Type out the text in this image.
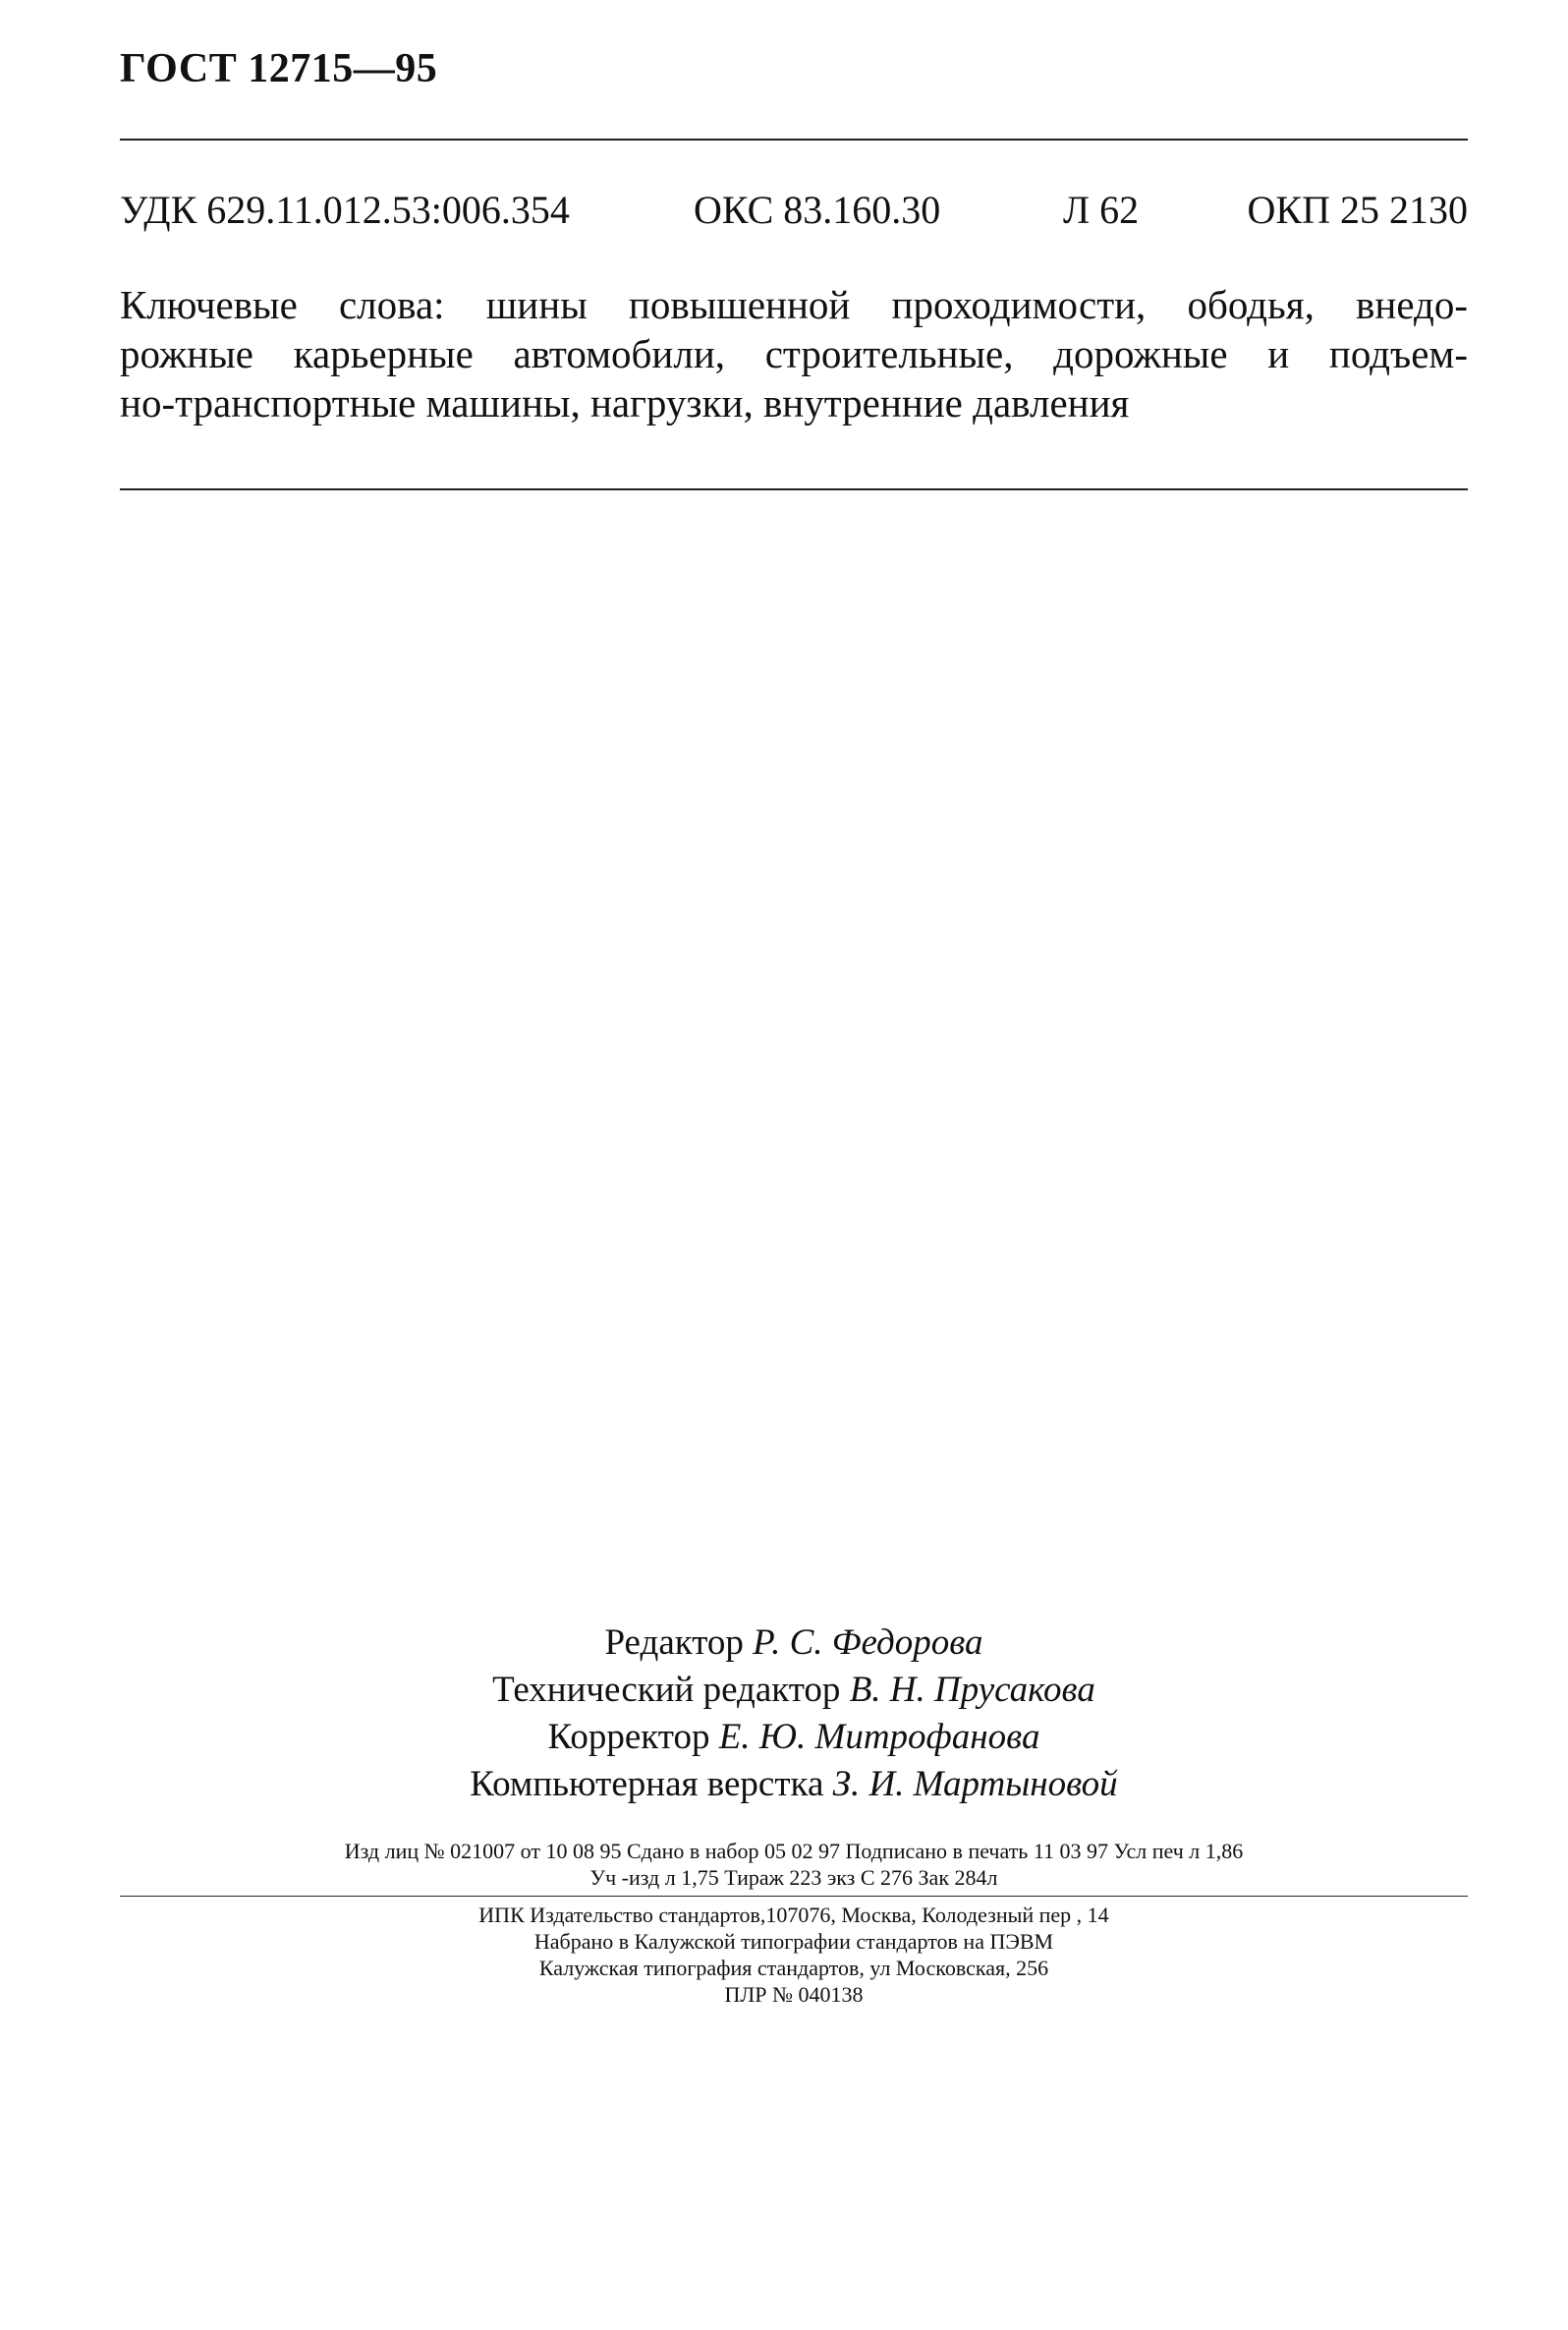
ГОСТ 12715—95
УДК 629.11.012.53:006.354	ОКС 83.160.30	Л 62	ОКП 25 2130
Ключевые слова: шины повышенной проходимости, ободья, внедо-
рожные карьерные автомобили, строительные, дорожные и подъем-
но-транспортные машины, нагрузки, внутренние давления
Редактор Р. С. Федорова
Технический редактор В. Н. Прусакова
Корректор Е. Ю. Митрофанова
Компьютерная верстка З. И. Мартыновой
Изд лиц № 021007 от 10 08 95 Сдано в набор 05 02 97 Подписано в печать 11 03 97 Усл печ л 1,86
Уч -изд л 1,75 Тираж 223 экз С 276 Зак 284л
ИПК Издательство стандартов,107076, Москва, Колодезный пер , 14
Набрано в Калужской типографии стандартов на ПЭВМ
Калужская типография стандартов, ул Московская, 256
ПЛР № 040138
